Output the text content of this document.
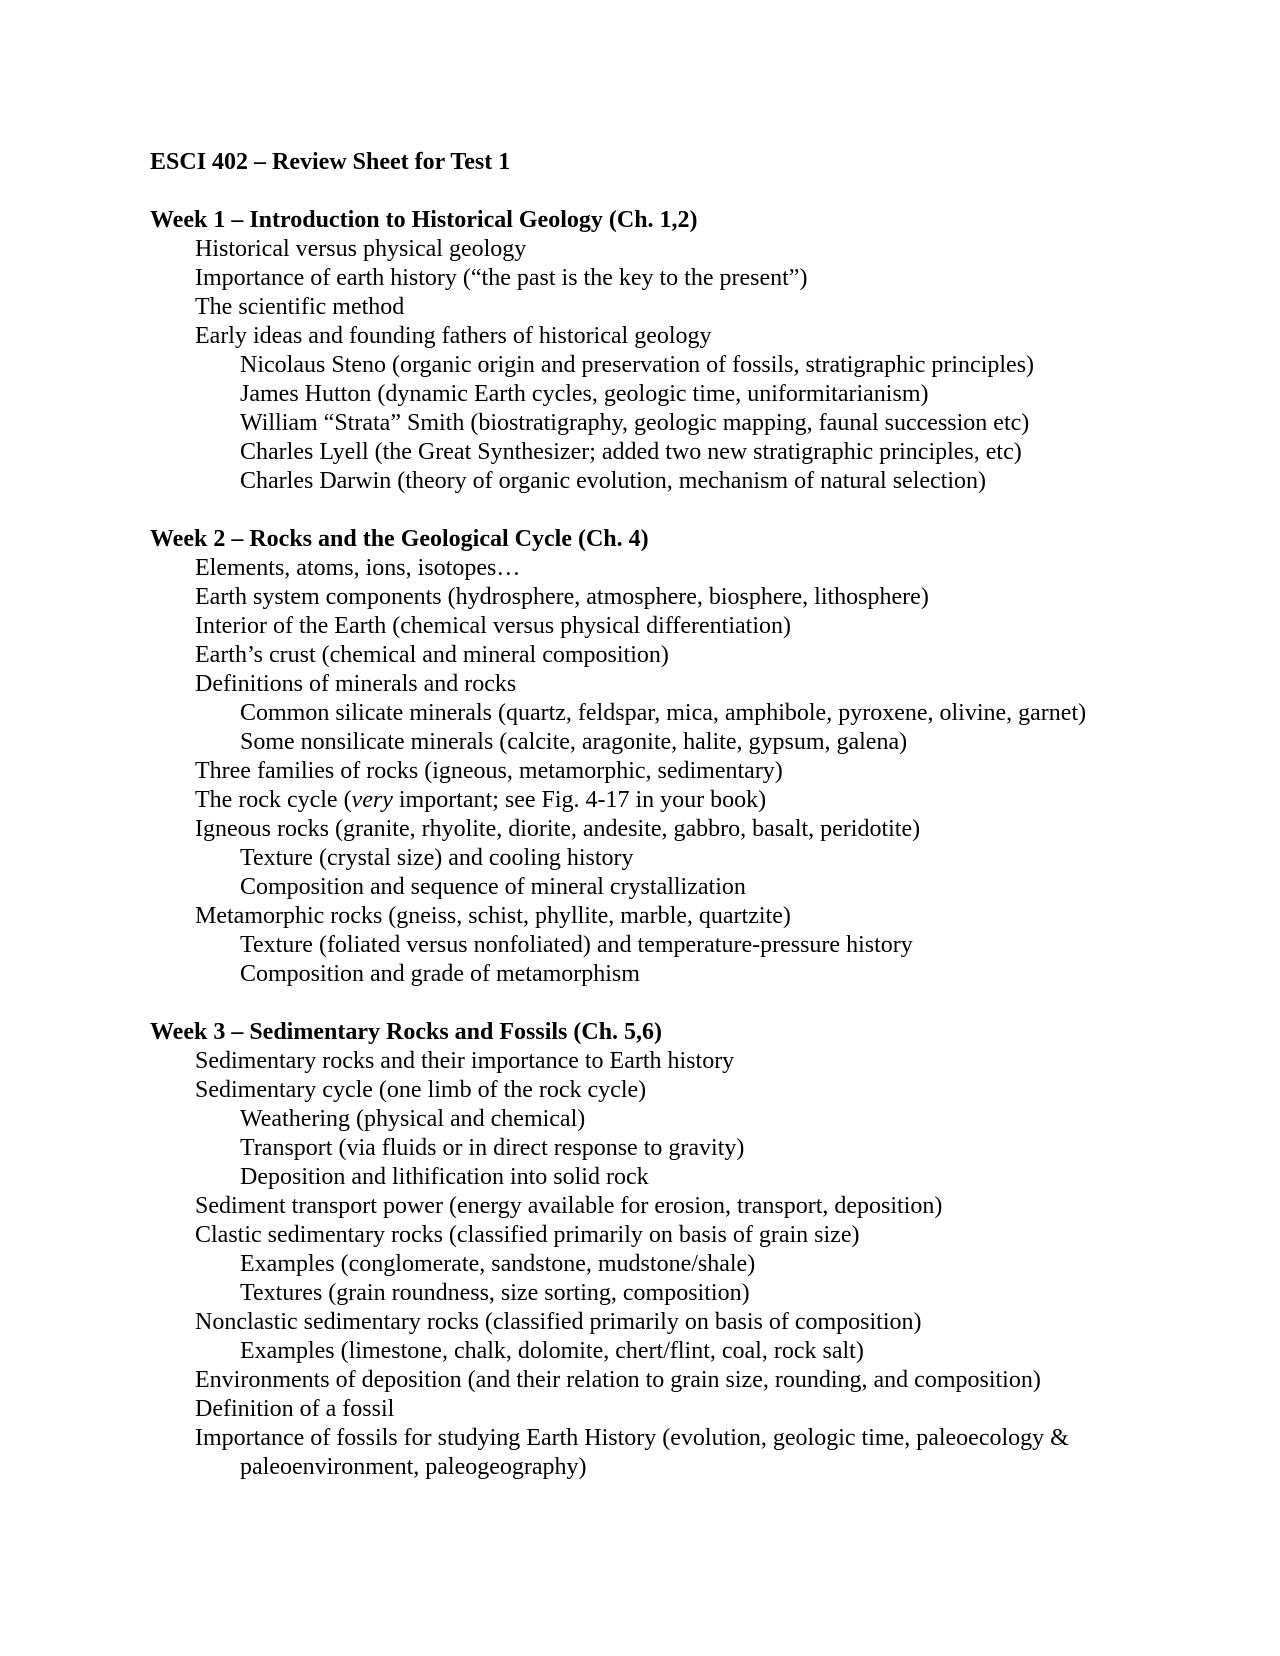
ESCI 402 – Review Sheet for Test 1
Week 1 – Introduction to Historical Geology (Ch. 1,2)
Historical versus physical geology
Importance of earth history (“the past is the key to the present”)
The scientific method
Early ideas and founding fathers of historical geology
Nicolaus Steno (organic origin and preservation of fossils, stratigraphic principles)
James Hutton (dynamic Earth cycles, geologic time, uniformitarianism)
William “Strata” Smith (biostratigraphy, geologic mapping, faunal succession etc)
Charles Lyell (the Great Synthesizer; added two new stratigraphic principles, etc)
Charles Darwin (theory of organic evolution, mechanism of natural selection)
Week 2 – Rocks and the Geological Cycle (Ch. 4)
Elements, atoms, ions, isotopes…
Earth system components (hydrosphere, atmosphere, biosphere, lithosphere)
Interior of the Earth (chemical versus physical differentiation)
Earth’s crust (chemical and mineral composition)
Definitions of minerals and rocks
Common silicate minerals (quartz, feldspar, mica, amphibole, pyroxene, olivine, garnet)
Some nonsilicate minerals (calcite, aragonite, halite, gypsum, galena)
Three families of rocks (igneous, metamorphic, sedimentary)
The rock cycle (very important; see Fig. 4-17 in your book)
Igneous rocks (granite, rhyolite, diorite, andesite, gabbro, basalt, peridotite)
Texture (crystal size) and cooling history
Composition and sequence of mineral crystallization
Metamorphic rocks (gneiss, schist, phyllite, marble, quartzite)
Texture (foliated versus nonfoliated) and temperature-pressure history
Composition and grade of metamorphism
Week 3 – Sedimentary Rocks and Fossils (Ch. 5,6)
Sedimentary rocks and their importance to Earth history
Sedimentary cycle (one limb of the rock cycle)
Weathering (physical and chemical)
Transport (via fluids or in direct response to gravity)
Deposition and lithification into solid rock
Sediment transport power (energy available for erosion, transport, deposition)
Clastic sedimentary rocks (classified primarily on basis of grain size)
Examples (conglomerate, sandstone, mudstone/shale)
Textures (grain roundness, size sorting, composition)
Nonclastic sedimentary rocks (classified primarily on basis of composition)
Examples (limestone, chalk, dolomite, chert/flint, coal, rock salt)
Environments of deposition (and their relation to grain size, rounding, and composition)
Definition of a fossil
Importance of fossils for studying Earth History (evolution, geologic time, paleoecology & paleoenvironment, paleogeography)
